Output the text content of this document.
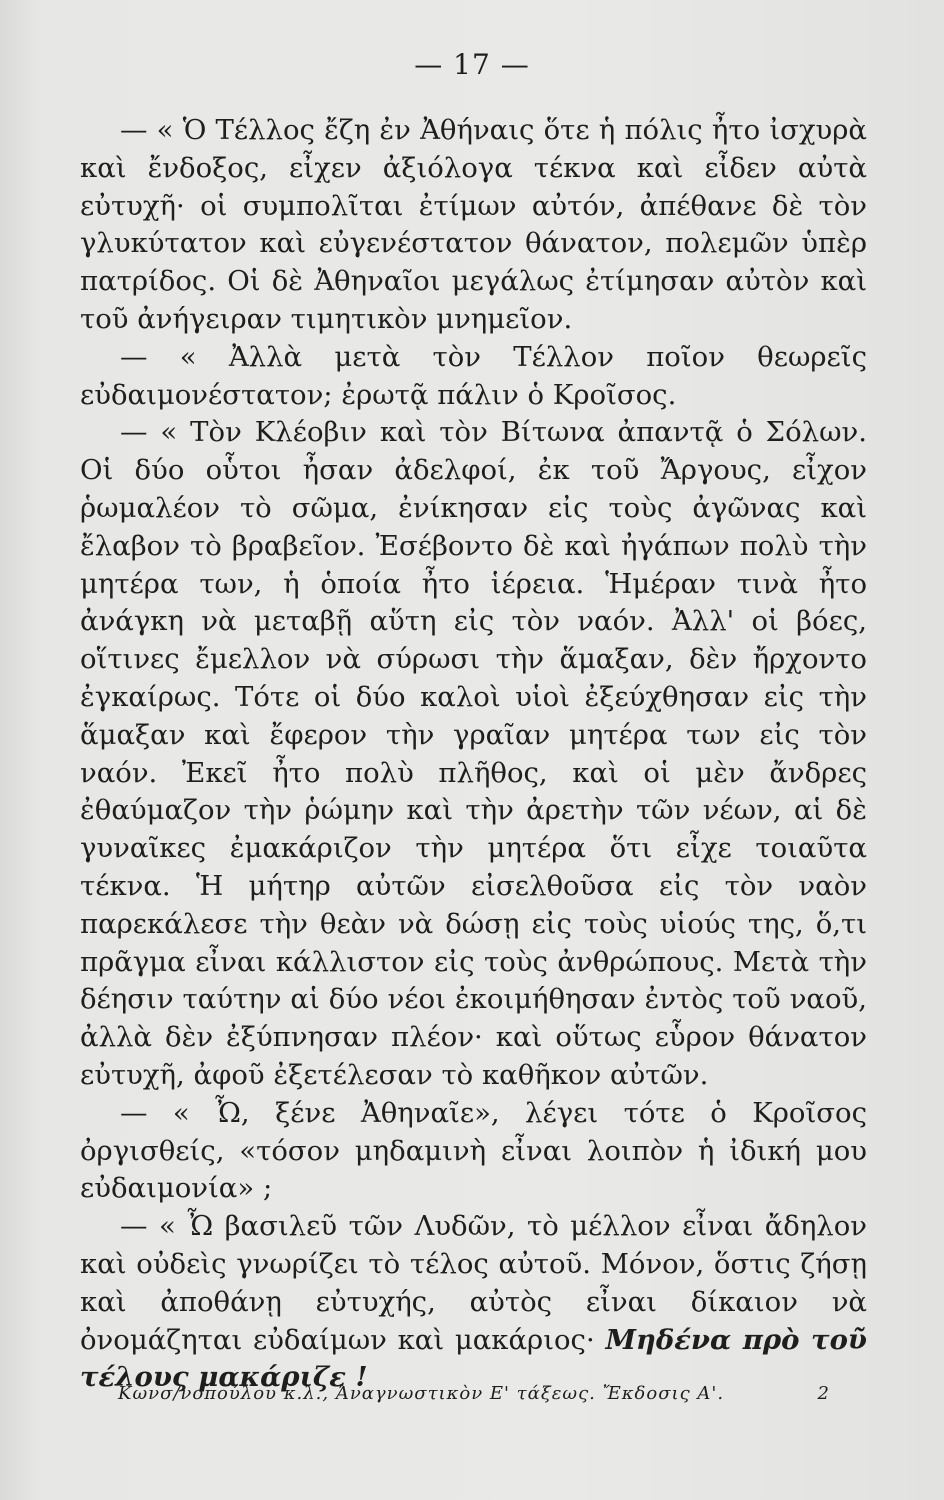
— 17 —

— « Ὁ Τέλλος ἔζη ἐν Ἀθήναις ὅτε ἡ πόλις ἦτο ἰσχυρὰ καὶ ἔνδοξος, εἶχεν ἀξιόλογα τέκνα καὶ εἶδεν αὐτὰ εὐτυχῆ· οἱ συμπολῖται ἐτίμων αὐτόν, ἀπέθανε δὲ τὸν γλυκύτατον καὶ εὐγενέστατον θάνατον, πολεμῶν ὑπὲρ πατρίδος. Οἱ δὲ Ἀθηναῖοι μεγάλως ἐτίμησαν αὐτὸν καὶ τοῦ ἀνήγειραν τιμητικὸν μνημεῖον.

— « Ἀλλὰ μετὰ τὸν Τέλλον ποῖον θεωρεῖς εὐδαιμονέστατον; ἐρωτᾷ πάλιν ὁ Κροῖσος.

— « Τὸν Κλέοβιν καὶ τὸν Βίτωνα ἀπαντᾷ ὁ Σόλων. Οἱ δύο οὗτοι ἦσαν ἀδελφοί, ἐκ τοῦ Ἄργους, εἶχον ῥωμαλέον τὸ σῶμα, ἐνίκησαν εἰς τοὺς ἀγῶνας καὶ ἔλαβον τὸ βραβεῖον. Ἐσέβοντο δὲ καὶ ἠγάπων πολὺ τὴν μητέρα των, ἡ ὁποία ἦτο ἱέρεια. Ἡμέραν τινὰ ἦτο ἀνάγκη νὰ μεταβῇ αὕτη εἰς τὸν ναόν. Ἀλλ' οἱ βόες, οἵτινες ἔμελλον νὰ σύρωσι τὴν ἅμαξαν, δὲν ἤρχοντο ἐγκαίρως. Τότε οἱ δύο καλοὶ υἱοὶ ἐξεύχθησαν εἰς τὴν ἅμαξαν καὶ ἔφερον τὴν γραῖαν μητέρα των εἰς τὸν ναόν. Ἐκεῖ ἦτο πολὺ πλῆθος, καὶ οἱ μὲν ἄνδρες ἐθαύμαζον τὴν ῥώμην καὶ τὴν ἀρετὴν τῶν νέων, αἱ δὲ γυναῖκες ἐμακάριζον τὴν μητέρα ὅτι εἶχε τοιαῦτα τέκνα. Ἡ μήτηρ αὐτῶν εἰσελθοῦσα εἰς τὸν ναὸν παρεκάλεσε τὴν θεὰν νὰ δώσῃ εἰς τοὺς υἱούς της, ὅ,τι πρᾶγμα εἶναι κάλλιστον εἰς τοὺς ἀνθρώπους. Μετὰ τὴν δέησιν ταύτην αἱ δύο νέοι ἐκοιμήθησαν ἐντὸς τοῦ ναοῦ, ἀλλὰ δὲν ἐξύπνησαν πλέον· καὶ οὕτως εὗρον θάνατον εὐτυχῆ, ἀφοῦ ἐξετέλεσαν τὸ καθῆκον αὐτῶν.

— « Ὦ, ξένε Ἀθηναῖε», λέγει τότε ὁ Κροῖσος ὀργισθείς, «τόσον μηδαμινὴ εἶναι λοιπὸν ἡ ἰδική μου εὐδαιμονία» ;

— « Ὦ βασιλεῦ τῶν Λυδῶν, τὸ μέλλον εἶναι ἄδηλον καὶ οὐδεὶς γνωρίζει τὸ τέλος αὐτοῦ. Μόνον, ὅστις ζήσῃ καὶ ἀποθάνῃ εὐτυχής, αὐτὸς εἶναι δίκαιον νὰ ὀνομάζηται εὐδαίμων καὶ μακάριος· Μηδένα πρὸ τοῦ τέλους μακάριζε !

Κωνσ/νοπούλου κ.λ., Ἀναγνωστικὸν Ε' τάξεως. Ἔκδοσις Α'.	2
